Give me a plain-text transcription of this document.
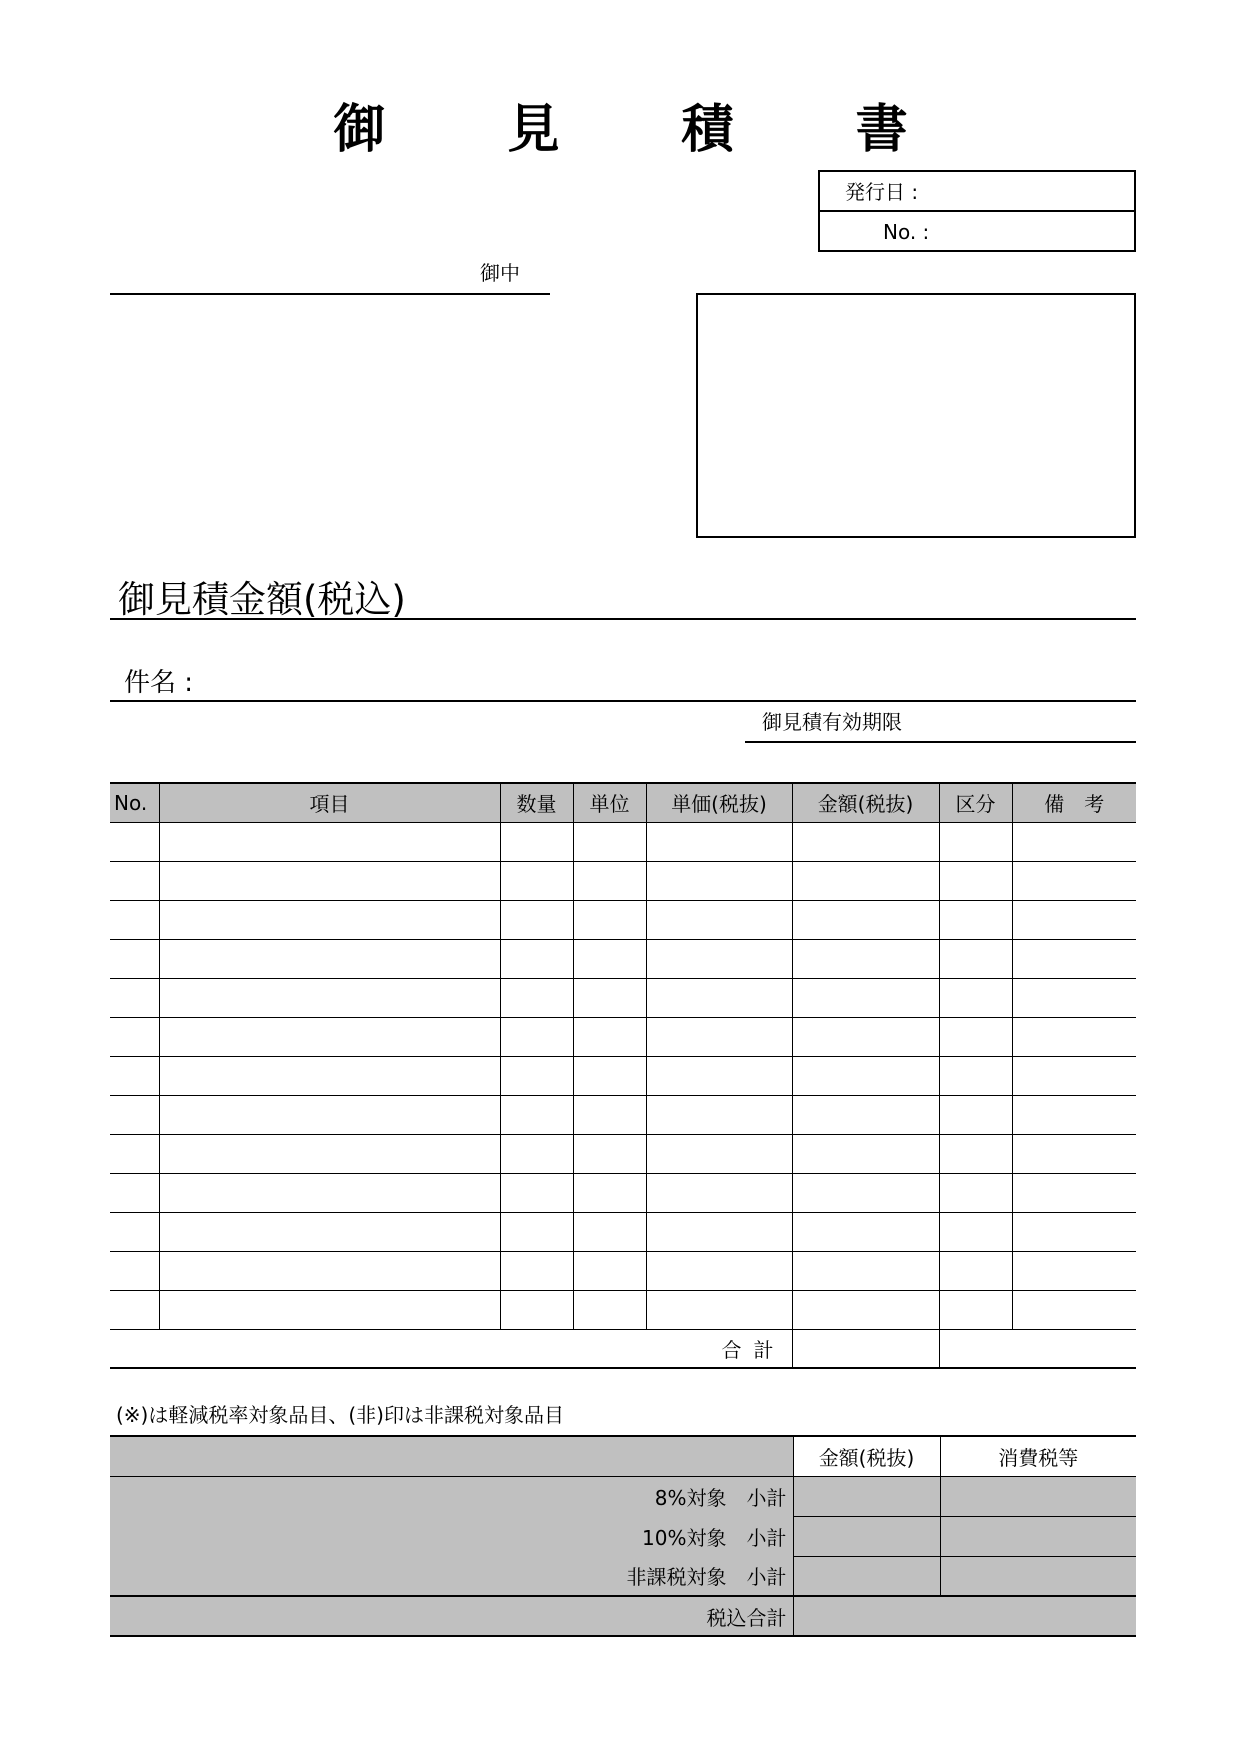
御 見 積 書
発行日 :
No. :
御中
御見積金額(税込)
件名 :
御見積有効期限
No.	項目	数量	単位	単価(税抜)	金額(税抜)	区分	備　考

合計							
(※)は軽減税率対象品目、(非)印は非課税対象品目
	金額(税抜)	消費税等
8%対象　小計		
10%対象　小計		
非課税対象　小計		
税込合計		
